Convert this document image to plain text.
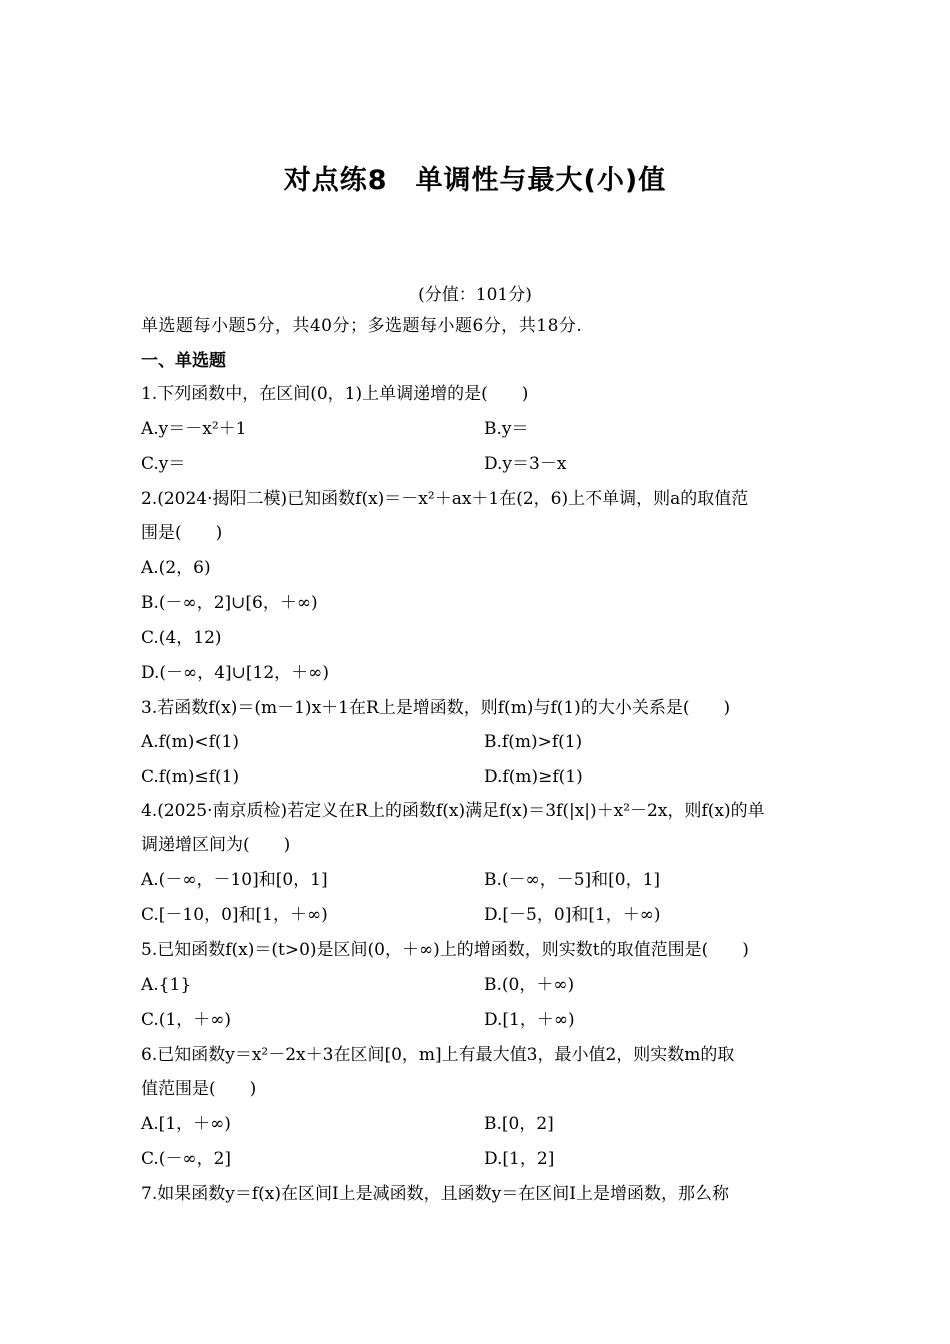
对点练8　单调性与最大(小)值
(分值：101分)
单选题每小题5分，共40分；多选题每小题6分，共18分.
一、单选题
1.下列函数中，在区间(0，1)上单调递增的是(　　)
A.y＝－x²＋1	B.y＝
C.y＝	D.y＝3－x
2.(2024·揭阳二模)已知函数f(x)＝－x²＋ax＋1在(2，6)上不单调，则a的取值范
围是(　　)
A.(2，6)
B.(－∞，2]∪[6，＋∞)
C.(4，12)
D.(－∞，4]∪[12，＋∞)
3.若函数f(x)＝(m－1)x＋1在R上是增函数，则f(m)与f(1)的大小关系是(　　)
A.f(m)<f(1)	B.f(m)>f(1)
C.f(m)≤f(1)	D.f(m)≥f(1)
4.(2025·南京质检)若定义在R上的函数f(x)满足f(x)＝3f(|x|)＋x²－2x，则f(x)的单
调递增区间为(　　)
A.(－∞，－10]和[0，1]	B.(－∞，－5]和[0，1]
C.[－10，0]和[1，＋∞)	D.[－5，0]和[1，＋∞)
5.已知函数f(x)＝(t>0)是区间(0，＋∞)上的增函数，则实数t的取值范围是(　　)
A.{1}	B.(0，＋∞)
C.(1，＋∞)	D.[1，＋∞)
6.已知函数y＝x²－2x＋3在区间[0，m]上有最大值3，最小值2，则实数m的取
值范围是(　　)
A.[1，＋∞)	B.[0，2]
C.(－∞，2]	D.[1，2]
7.如果函数y＝f(x)在区间I上是减函数，且函数y＝在区间I上是增函数，那么称
